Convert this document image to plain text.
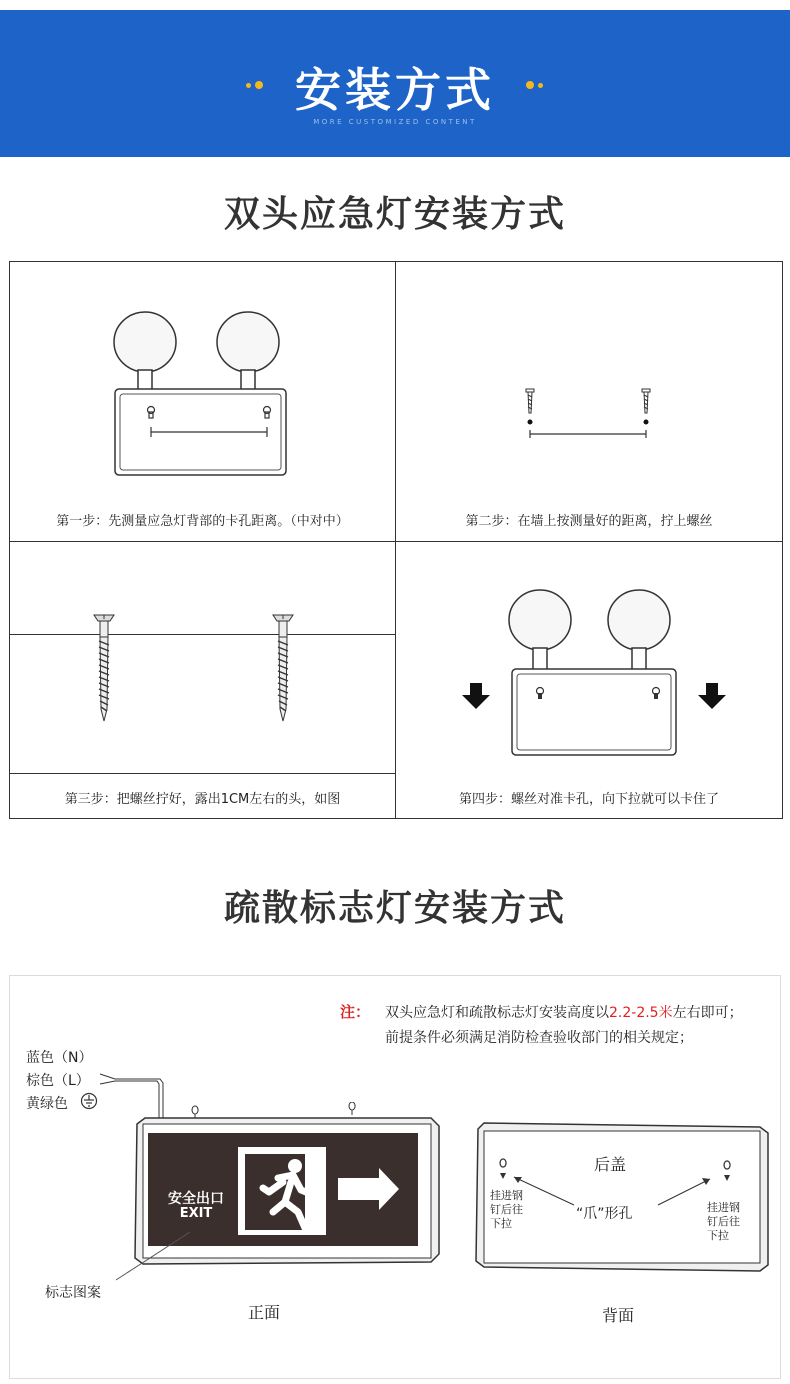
安装方式
MORE CUSTOMIZED CONTENT
双头应急灯安装方式
第一步：先测量应急灯背部的卡孔距离。（中对中）	第二步：在墙上按测量好的距离，拧上螺丝
第三步：把螺丝拧好，露出1CM左右的头，如图	第四步：螺丝对准卡孔，向下拉就可以卡住了
疏散标志灯安装方式
注： 双头应急灯和疏散标志灯安装高度以2.2-2.5米左右即可；
前提条件必须满足消防检查验收部门的相关规定；
蓝色（N）
棕色（L）
黄绿色
安全出口
EXIT
标志图案
正面
后盖
“爪”形孔
挂进钢
钉后往
下拉
挂进钢
钉后往
下拉
背面
